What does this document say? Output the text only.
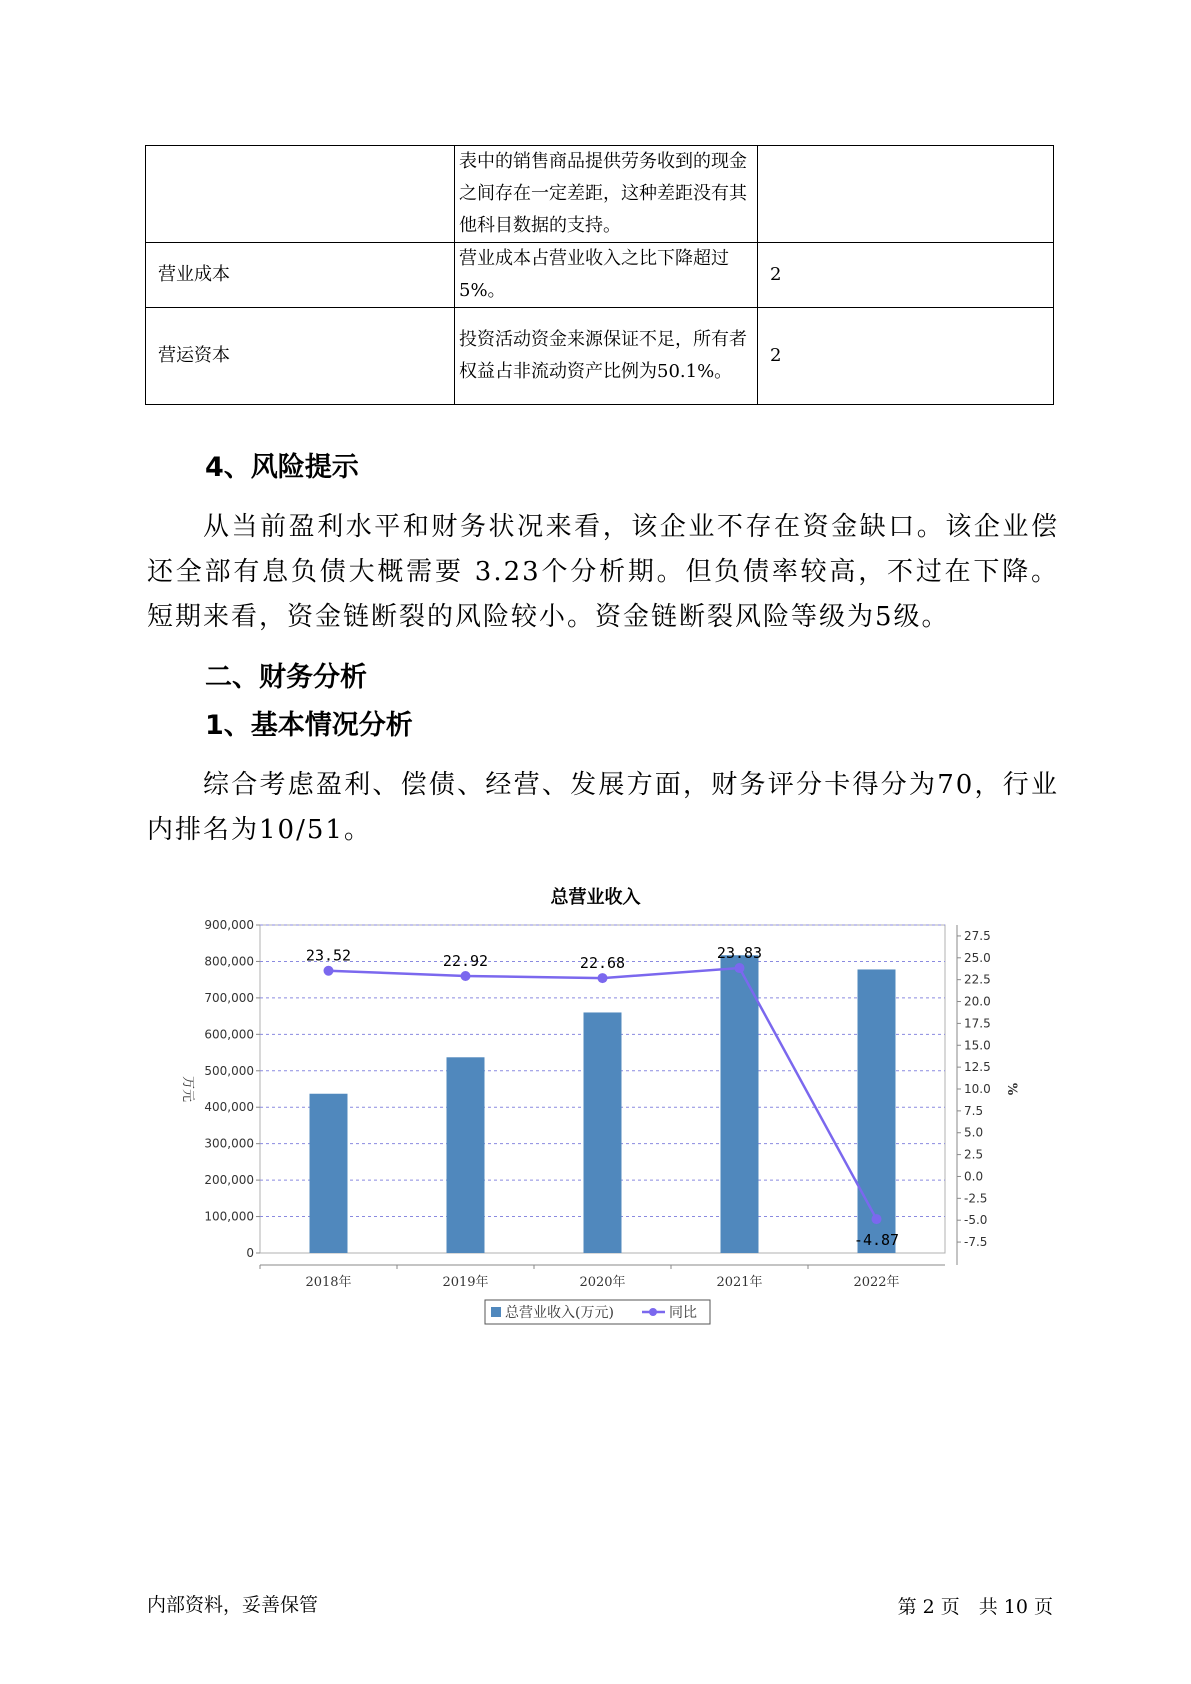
	表中的销售商品提供劳务收到的现金之间存在一定差距，这种差距没有其他科目数据的支持。	
营业成本	营业成本占营业收入之比下降超过5%。	2
营运资本	投资活动资金来源保证不足，所有者权益占非流动资产比例为50.1%。	2
4、风险提示

从当前盈利水平和财务状况来看，该企业不存在资金缺口。该企业偿还全部有息负债大概需要 3.23个分析期。但负债率较高，不过在下降。短期来看，资金链断裂的风险较小。资金链断裂风险等级为5级。

二、财务分析
1、基本情况分析

综合考虑盈利、偿债、经营、发展方面，财务评分卡得分为70，行业内排名为10/51。

总营业收入

0
100,000
200,000
300,000
400,000
500,000
600,000
700,000
800,000
900,000
-7.5
-5.0
-2.5
0.0
2.5
5.0
7.5
10.0
12.5
15.0
17.5
20.0
22.5
25.0
27.5
万元	%
2018年	2019年	2020年	2021年	2022年
23.52	22.92	22.68
23.83
-4.87
总营业收入(万元)	同比
内部资料，妥善保管	第 2 页　共 10 页
